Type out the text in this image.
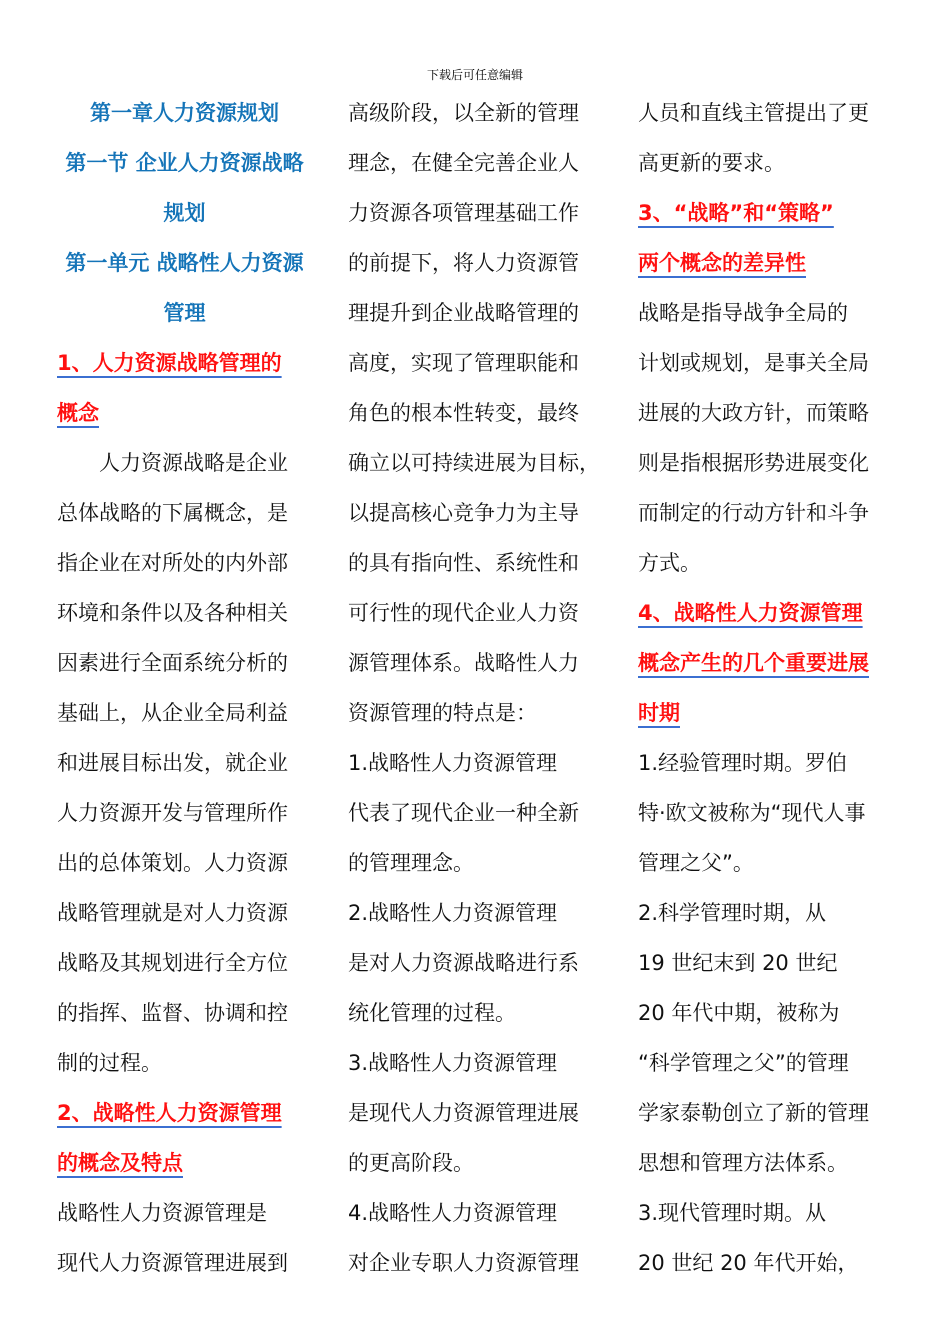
下载后可任意编辑

第一章人力资源规划

第一节 企业人力资源战略

规划

第一单元 战略性人力资源

管理

1、人力资源战略管理的

概念

　　人力资源战略是企业

总体战略的下属概念，是

指企业在对所处的内外部

环境和条件以及各种相关

因素进行全面系统分析的

基础上，从企业全局利益

和进展目标出发，就企业

人力资源开发与管理所作

出的总体策划。人力资源

战略管理就是对人力资源

战略及其规划进行全方位

的指挥、监督、协调和控

制的过程。

2、战略性人力资源管理

的概念及特点

战略性人力资源管理是

现代人力资源管理进展到

高级阶段，以全新的管理

理念，在健全完善企业人

力资源各项管理基础工作

的前提下，将人力资源管

理提升到企业战略管理的

高度，实现了管理职能和

角色的根本性转变，最终

确立以可持续进展为目标，

以提高核心竞争力为主导

的具有指向性、系统性和

可行性的现代企业人力资

源管理体系。战略性人力

资源管理的特点是：

1.战略性人力资源管理

代表了现代企业一种全新

的管理理念。

2.战略性人力资源管理

是对人力资源战略进行系

统化管理的过程。

3.战略性人力资源管理

是现代人力资源管理进展

的更高阶段。

4.战略性人力资源管理

对企业专职人力资源管理

人员和直线主管提出了更

高更新的要求。

3、“战略”和“策略”

两个概念的差异性

战略是指导战争全局的

计划或规划，是事关全局

进展的大政方针，而策略

则是指根据形势进展变化

而制定的行动方针和斗争

方式。

4、战略性人力资源管理

概念产生的几个重要进展

时期

1.经验管理时期。罗伯

特·欧文被称为“现代人事

管理之父”。

2.科学管理时期，从

19 世纪末到 20 世纪

20 年代中期，被称为

“科学管理之父”的管理

学家泰勒创立了新的管理

思想和管理方法体系。

3.现代管理时期。从

20 世纪 20 年代开始，
